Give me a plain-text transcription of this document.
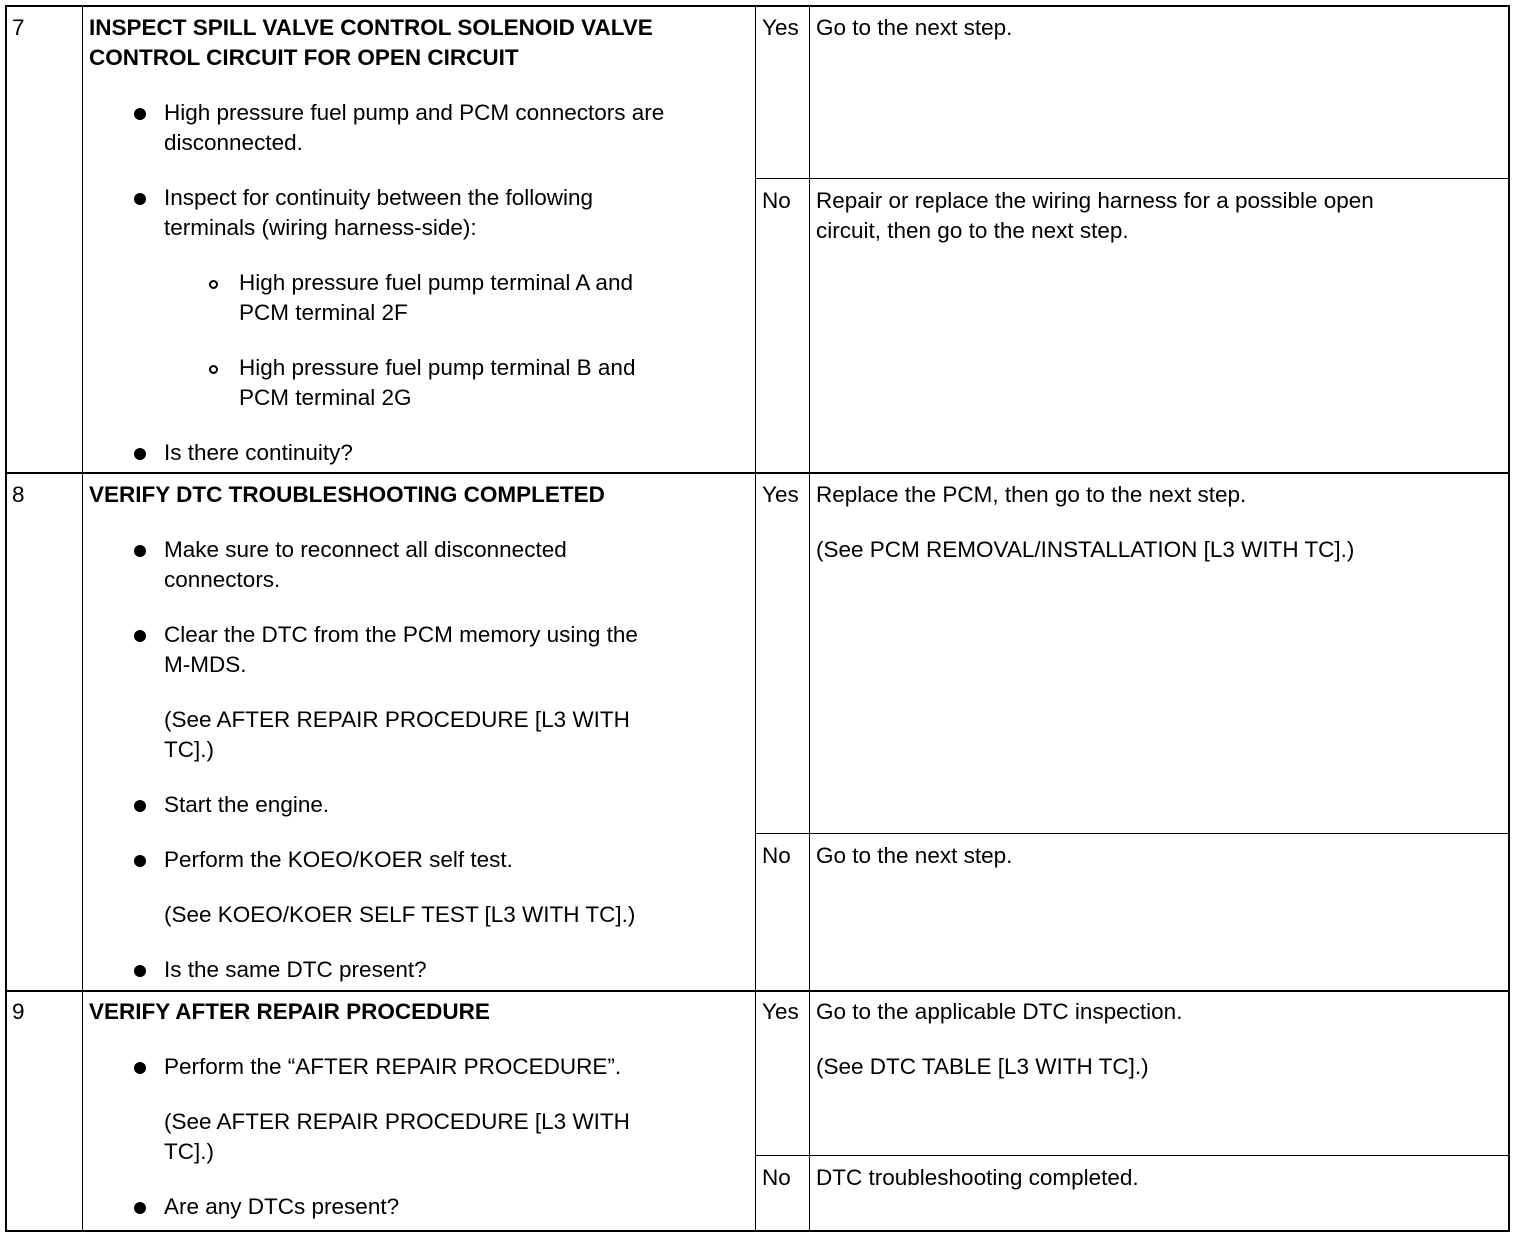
7	INSPECT SPILL VALVE CONTROL SOLENOID VALVE
CONTROL CIRCUIT FOR OPEN CIRCUIT
High pressure fuel pump and PCM connectors are
disconnected.
Inspect for continuity between the following
terminals (wiring harness-side):
High pressure fuel pump terminal A and
PCM terminal 2F
High pressure fuel pump terminal B and
PCM terminal 2G
Is there continuity?
Yes Go to the next step.
No Repair or replace the wiring harness for a possible open
circuit, then go to the next step.
8	VERIFY DTC TROUBLESHOOTING COMPLETED
Make sure to reconnect all disconnected
connectors.
Clear the DTC from the PCM memory using the
M-MDS.
(See AFTER REPAIR PROCEDURE [L3 WITH
TC].)
Start the engine.
Perform the KOEO/KOER self test.
(See KOEO/KOER SELF TEST [L3 WITH TC].)
Is the same DTC present?
Yes Replace the PCM, then go to the next step.
(See PCM REMOVAL/INSTALLATION [L3 WITH TC].)
No Go to the next step.
9	VERIFY AFTER REPAIR PROCEDURE
Perform the “AFTER REPAIR PROCEDURE”.
(See AFTER REPAIR PROCEDURE [L3 WITH
TC].)
Are any DTCs present?
Yes Go to the applicable DTC inspection.
(See DTC TABLE [L3 WITH TC].)
No DTC troubleshooting completed.
